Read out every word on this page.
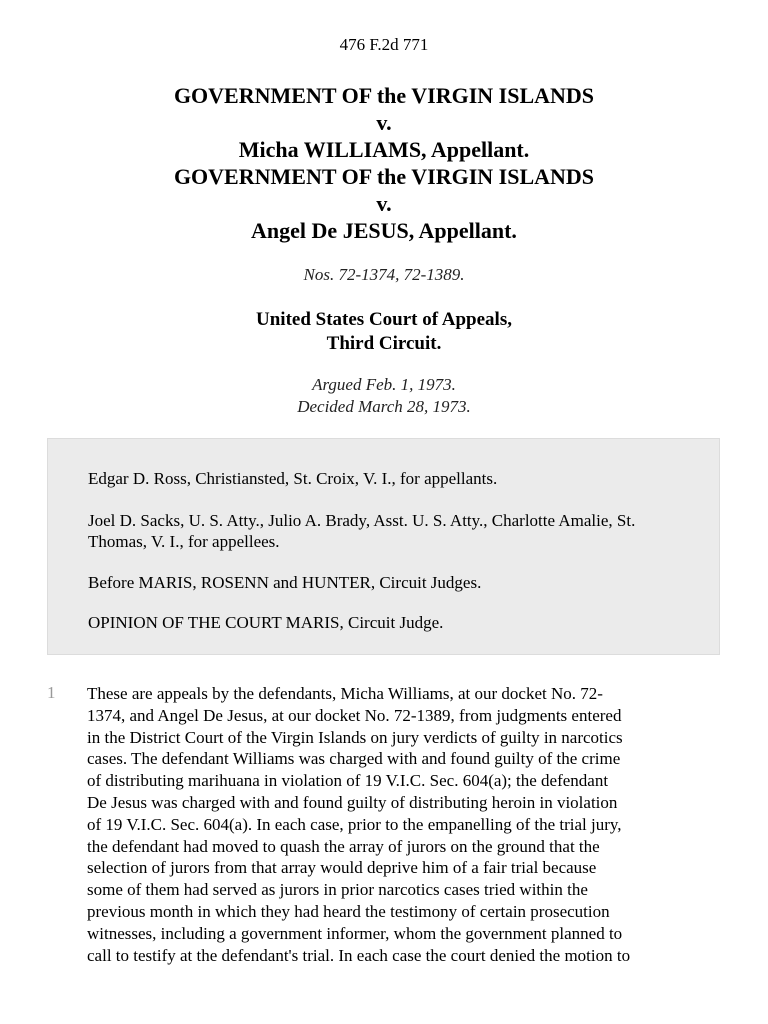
476 F.2d 771
GOVERNMENT OF the VIRGIN ISLANDS
v.
Micha WILLIAMS, Appellant.
GOVERNMENT OF the VIRGIN ISLANDS
v.
Angel De JESUS, Appellant.
Nos. 72-1374, 72-1389.
United States Court of Appeals,
Third Circuit.
Argued Feb. 1, 1973.
Decided March 28, 1973.

Edgar D. Ross, Christiansted, St. Croix, V. I., for appellants.

Joel D. Sacks, U. S. Atty., Julio A. Brady, Asst. U. S. Atty., Charlotte Amalie, St. Thomas, V. I., for appellees.

Before MARIS, ROSENN and HUNTER, Circuit Judges.

OPINION OF THE COURT MARIS, Circuit Judge.

1 These are appeals by the defendants, Micha Williams, at our docket No. 72-
1374, and Angel De Jesus, at our docket No. 72-1389, from judgments entered
in the District Court of the Virgin Islands on jury verdicts of guilty in narcotics
cases. The defendant Williams was charged with and found guilty of the crime
of distributing marihuana in violation of 19 V.I.C. Sec. 604(a); the defendant
De Jesus was charged with and found guilty of distributing heroin in violation
of 19 V.I.C. Sec. 604(a). In each case, prior to the empanelling of the trial jury,
the defendant had moved to quash the array of jurors on the ground that the
selection of jurors from that array would deprive him of a fair trial because
some of them had served as jurors in prior narcotics cases tried within the
previous month in which they had heard the testimony of certain prosecution
witnesses, including a government informer, whom the government planned to
call to testify at the defendant's trial. In each case the court denied the motion to
